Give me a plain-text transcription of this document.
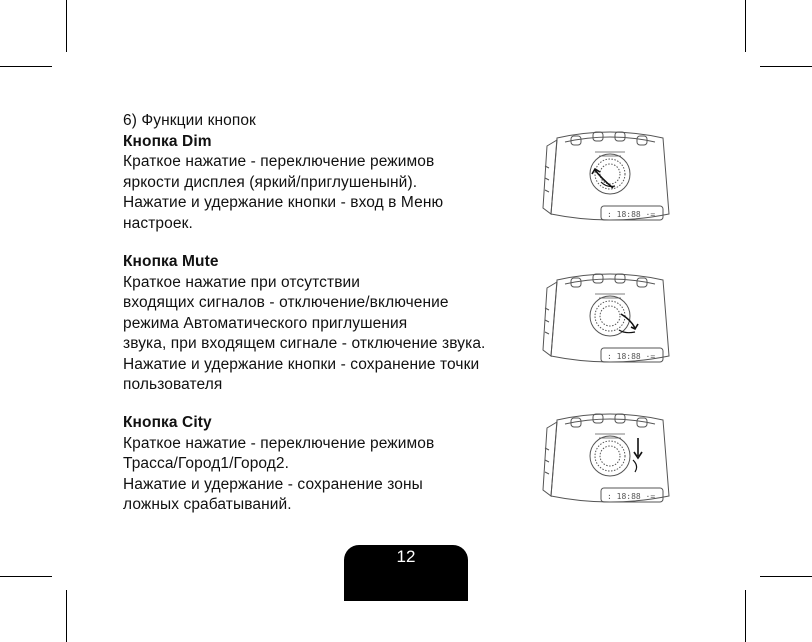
6) Функции кнопок
Кнопка Dim
Краткое нажатие - переключение режимов
яркости дисплея (яркий/приглушенынй).
Нажатие и удержание кнопки - вход в Меню
настроек.
Кнопка Mute
Краткое нажатие при отсутствии
входящих сигналов - отключение/включение
режима Автоматического приглушения
звука, при входящем сигнале - отключение звука.
Нажатие и удержание кнопки - сохранение точки
пользователя
Кнопка City
Краткое нажатие - переключение режимов
Трасса/Город1/Город2.
Нажатие и удержание - сохранение зоны
ложных срабатываний.
: 18:88 ·=
: 18:88 ·=
: 18:88 ·=
12
